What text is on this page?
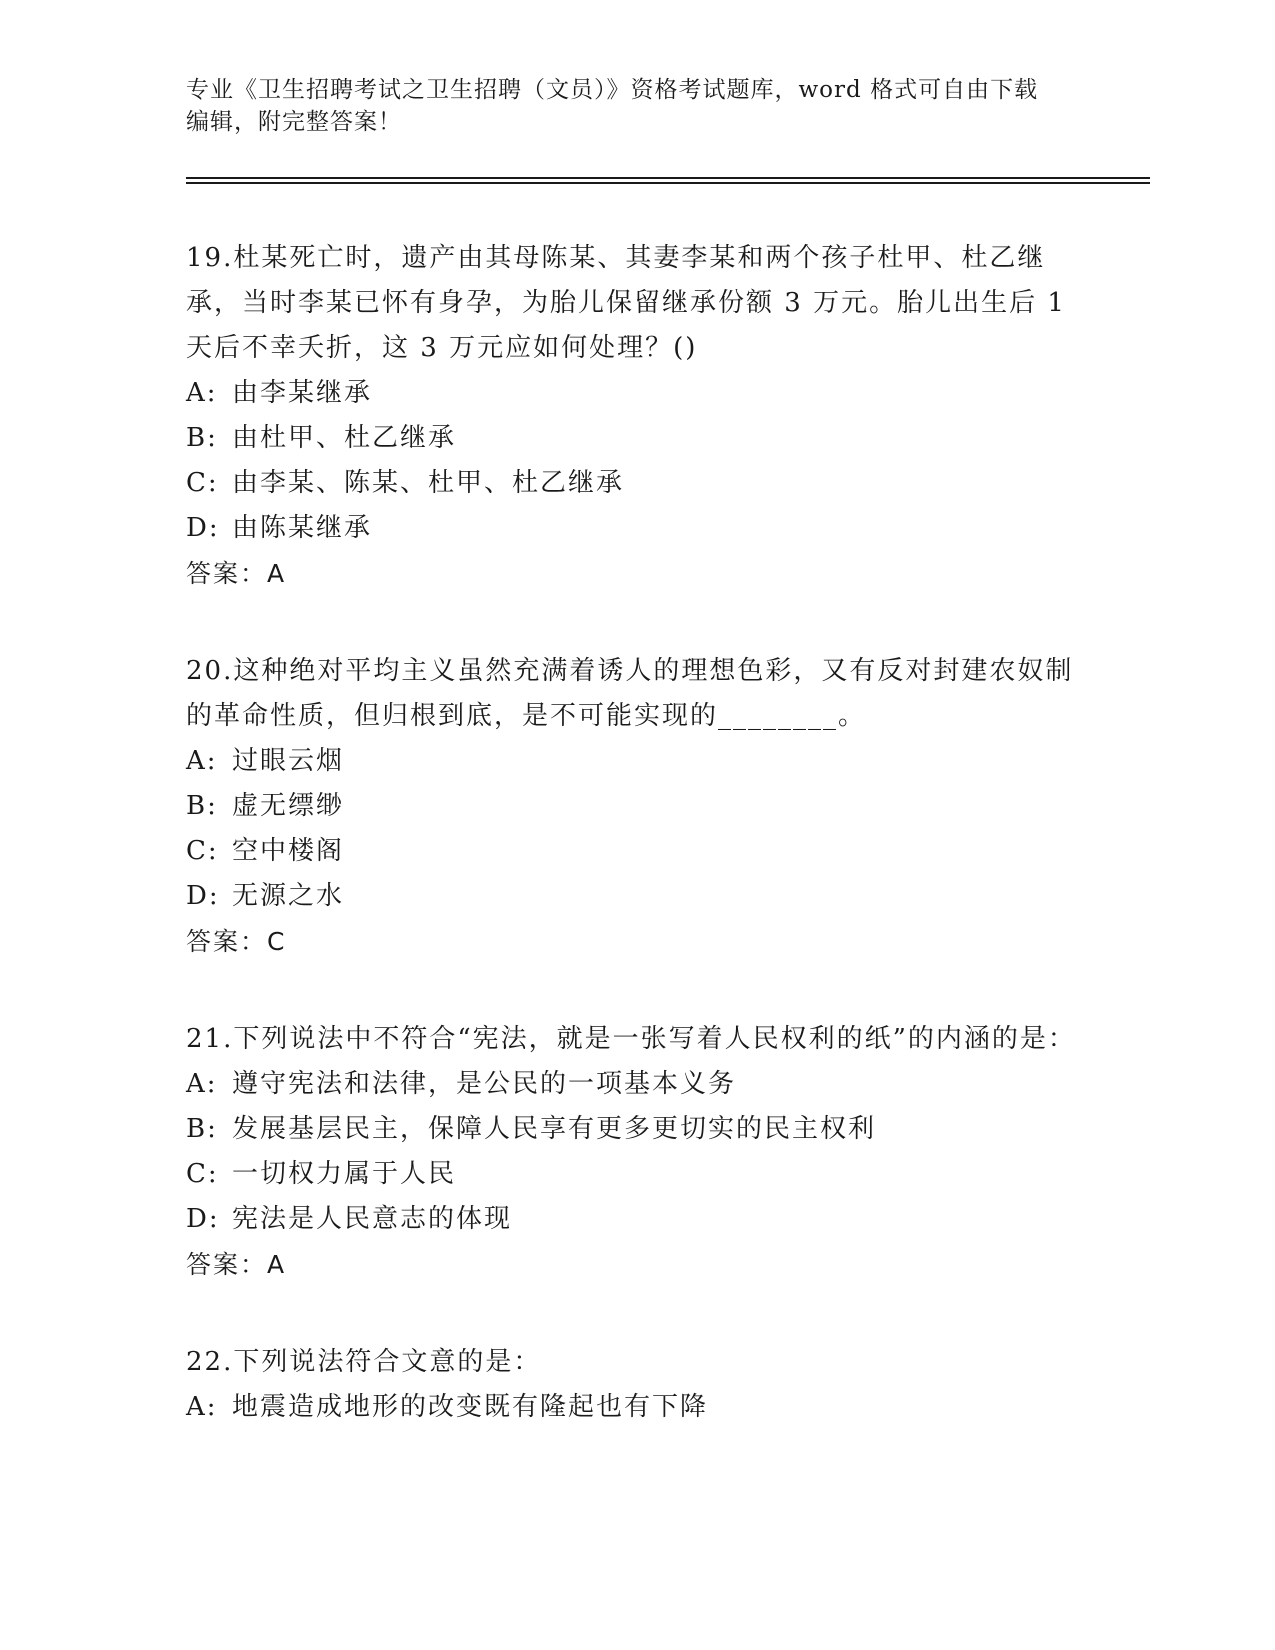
专业《卫生招聘考试之卫生招聘（文员）》资格考试题库，word 格式可自由下载
编辑，附完整答案！

19.杜某死亡时，遗产由其母陈某、其妻李某和两个孩子杜甲、杜乙继承，当时李某已怀有身孕，为胎儿保留继承份额 3 万元。胎儿出生后 1 天后不幸夭折，这 3 万元应如何处理？()

A: 由李某继承
B: 由杜甲、杜乙继承
C: 由李某、陈某、杜甲、杜乙继承
D: 由陈某继承
答案：A

20.这种绝对平均主义虽然充满着诱人的理想色彩，又有反对封建农奴制的革命性质，但归根到底，是不可能实现的________。

A: 过眼云烟
B: 虚无缥缈
C: 空中楼阁
D: 无源之水
答案：C

21.下列说法中不符合“宪法，就是一张写着人民权利的纸”的内涵的是：

A: 遵守宪法和法律，是公民的一项基本义务
B: 发展基层民主，保障人民享有更多更切实的民主权利
C: 一切权力属于人民
D: 宪法是人民意志的体现
答案：A

22.下列说法符合文意的是：

A: 地震造成地形的改变既有隆起也有下降
